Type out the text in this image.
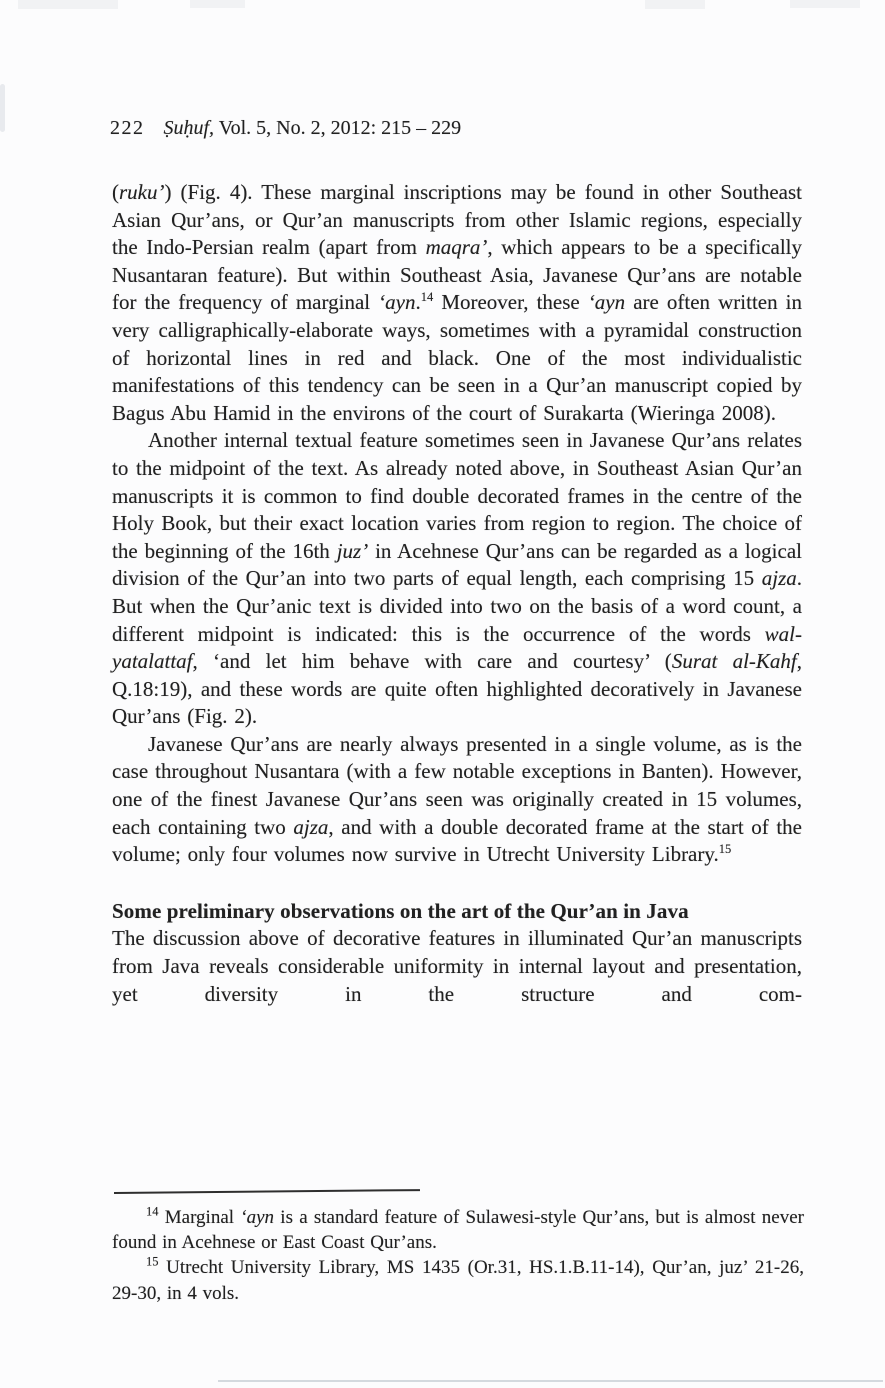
222 Ṣuḥuf, Vol. 5, No. 2, 2012: 215 – 229

(ruku’) (Fig. 4). These marginal inscriptions may be found in other Southeast Asian Qur’ans, or Qur’an manuscripts from other Islamic regions, especially the Indo-Persian realm (apart from maqra’, which appears to be a specifically Nusantaran feature). But within Southeast Asia, Javanese Qur’ans are notable for the frequency of marginal ‘ayn.$^{14}$ Moreover, these ‘ayn are often written in very calligraphically-elaborate ways, sometimes with a pyramidal construction of horizontal lines in red and black. One of the most individualistic manifestations of this tendency can be seen in a Qur’an manuscript copied by Bagus Abu Hamid in the environs of the court of Surakarta (Wieringa 2008).

Another internal textual feature sometimes seen in Javanese Qur’ans relates to the midpoint of the text. As already noted above, in Southeast Asian Qur’an manuscripts it is common to find double decorated frames in the centre of the Holy Book, but their exact location varies from region to region. The choice of the beginning of the 16th juz’ in Acehnese Qur’ans can be regarded as a logical division of the Qur’an into two parts of equal length, each comprising 15 ajza. But when the Qur’anic text is divided into two on the basis of a word count, a different midpoint is indicated: this is the occurrence of the words wal-yatalattaf, ‘and let him behave with care and courtesy’ (Surat al-Kahf, Q.18:19), and these words are quite often highlighted decoratively in Javanese Qur’ans (Fig. 2).

Javanese Qur’ans are nearly always presented in a single volume, as is the case throughout Nusantara (with a few notable exceptions in Banten). However, one of the finest Javanese Qur’ans seen was originally created in 15 volumes, each containing two ajza, and with a double decorated frame at the start of the volume; only four volumes now survive in Utrecht University Library.$^{15}$

Some preliminary observations on the art of the Qur’an in Java

The discussion above of decorative features in illuminated Qur’an manuscripts from Java reveals considerable uniformity in internal layout and presentation, yet diversity in the structure and com-

$^{14}$ Marginal ‘ayn is a standard feature of Sulawesi-style Qur’ans, but is almost never found in Acehnese or East Coast Qur’ans.

$^{15}$ Utrecht University Library, MS 1435 (Or.31, HS.1.B.11-14), Qur’an, juz’ 21-26, 29-30, in 4 vols.
